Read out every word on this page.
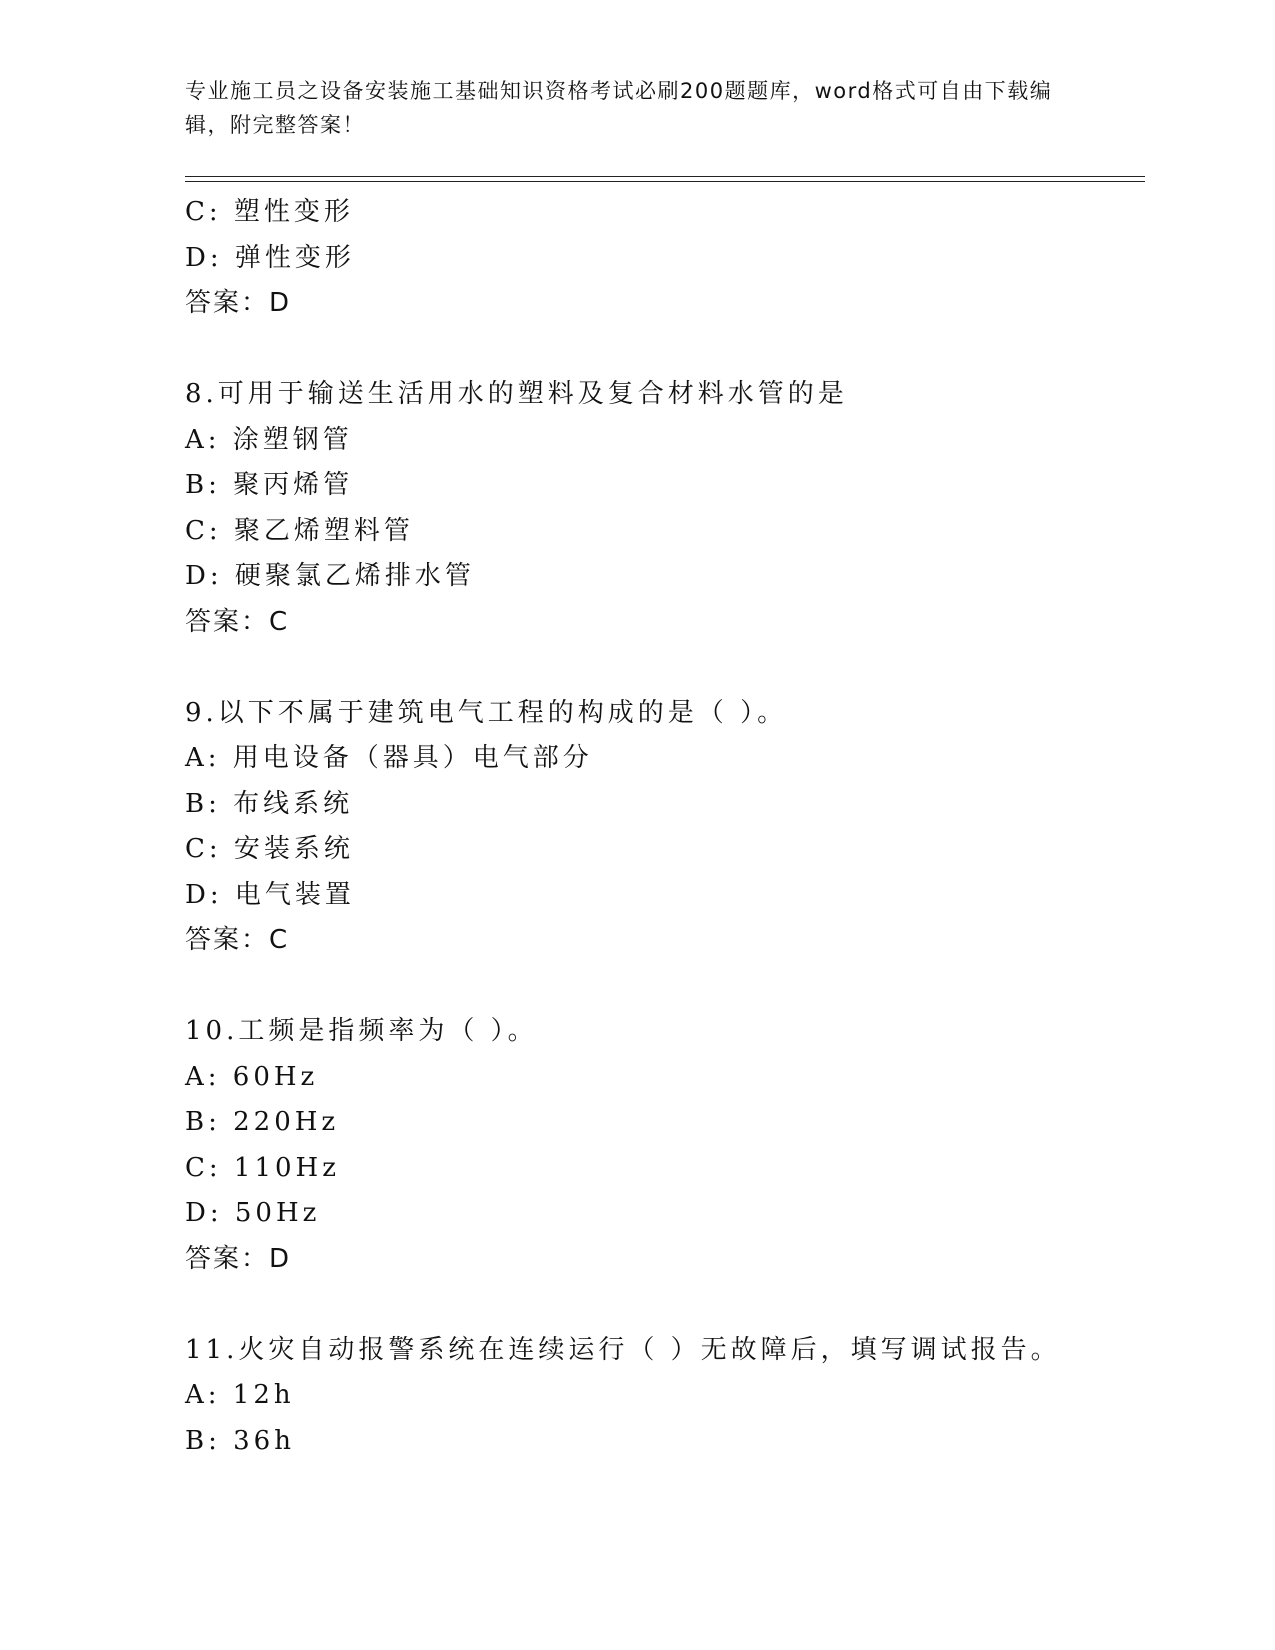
专业施工员之设备安装施工基础知识资格考试必刷200题题库，word格式可自由下载编辑，附完整答案！
C: 塑性变形
D: 弹性变形
答案：D
8.可用于输送生活用水的塑料及复合材料水管的是
A: 涂塑钢管
B: 聚丙烯管
C: 聚乙烯塑料管
D: 硬聚氯乙烯排水管
答案：C
9.以下不属于建筑电气工程的构成的是（ ）。
A: 用电设备（器具）电气部分
B: 布线系统
C: 安装系统
D: 电气装置
答案：C
10.工频是指频率为（ ）。
A: 60Hz
B: 220Hz
C: 110Hz
D: 50Hz
答案：D
11.火灾自动报警系统在连续运行（ ）无故障后，填写调试报告。
A: 12h
B: 36h
